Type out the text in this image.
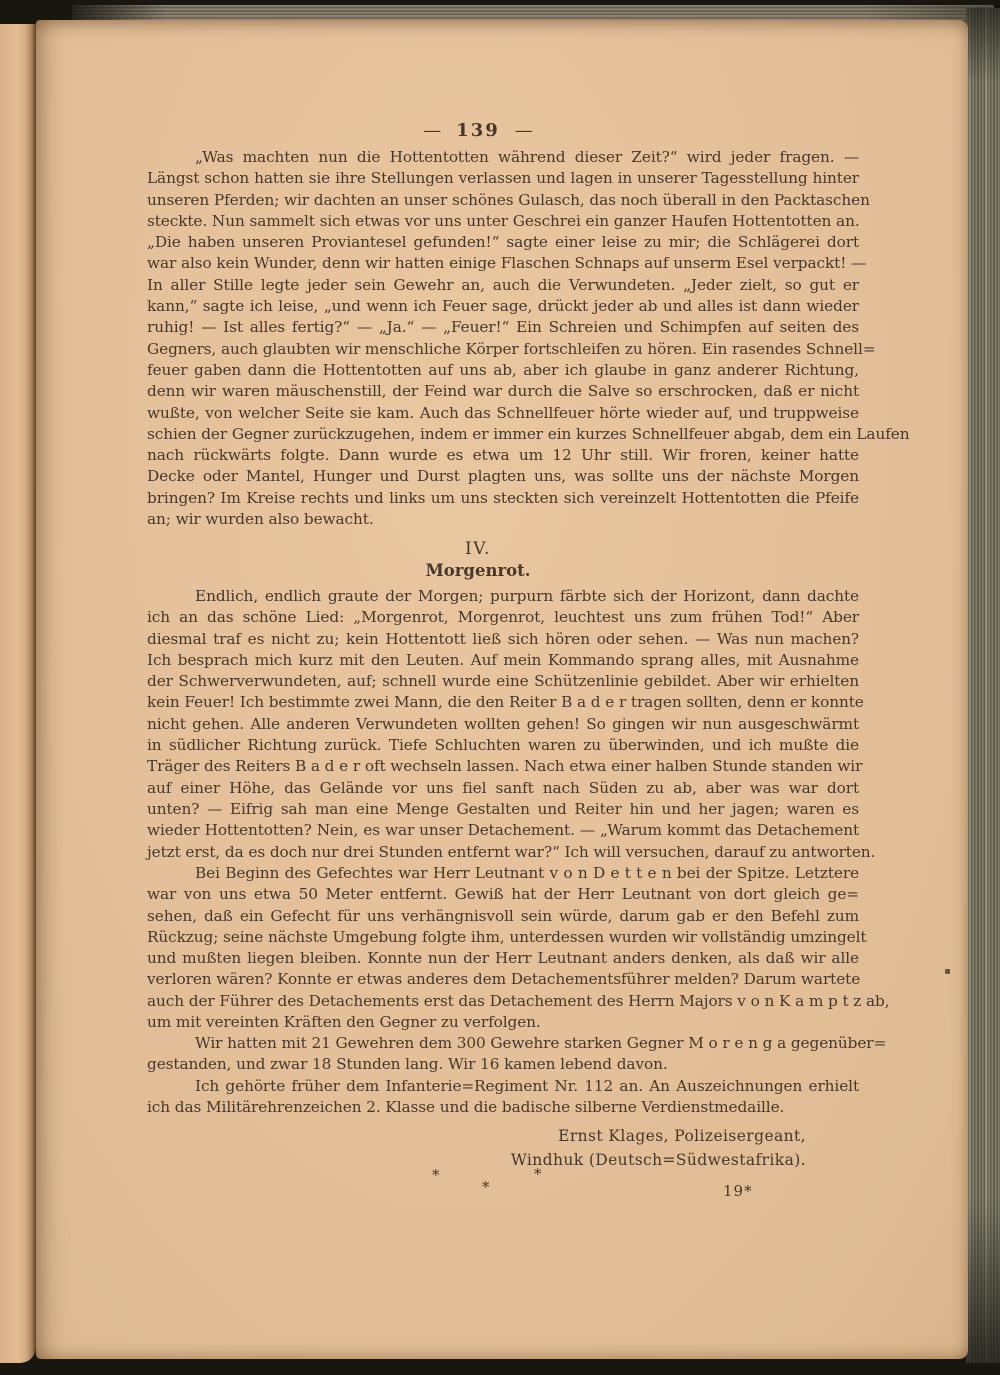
— 139 —
„Was machten nun die Hottentotten während dieser Zeit?“ wird jeder fragen. —
Längst schon hatten sie ihre Stellungen verlassen und lagen in unserer Tagesstellung hinter
unseren Pferden; wir dachten an unser schönes Gulasch, das noch überall in den Packtaschen
steckte. Nun sammelt sich etwas vor uns unter Geschrei ein ganzer Haufen Hottentotten an.
„Die haben unseren Proviantesel gefunden!“ sagte einer leise zu mir; die Schlägerei dort
war also kein Wunder, denn wir hatten einige Flaschen Schnaps auf unserm Esel verpackt! —
In aller Stille legte jeder sein Gewehr an, auch die Verwundeten. „Jeder zielt, so gut er
kann,“ sagte ich leise, „und wenn ich Feuer sage, drückt jeder ab und alles ist dann wieder
ruhig! — Ist alles fertig?“ — „Ja.“ — „Feuer!“ Ein Schreien und Schimpfen auf seiten des
Gegners, auch glaubten wir menschliche Körper fortschleifen zu hören. Ein rasendes Schnell=
feuer gaben dann die Hottentotten auf uns ab, aber ich glaube in ganz anderer Richtung,
denn wir waren mäuschenstill, der Feind war durch die Salve so erschrocken, daß er nicht
wußte, von welcher Seite sie kam. Auch das Schnellfeuer hörte wieder auf, und truppweise
schien der Gegner zurückzugehen, indem er immer ein kurzes Schnellfeuer abgab, dem ein Laufen
nach rückwärts folgte. Dann wurde es etwa um 12 Uhr still. Wir froren, keiner hatte
Decke oder Mantel, Hunger und Durst plagten uns, was sollte uns der nächste Morgen
bringen? Im Kreise rechts und links um uns steckten sich vereinzelt Hottentotten die Pfeife
an; wir wurden also bewacht.
IV.
Morgenrot.
Endlich, endlich graute der Morgen; purpurn färbte sich der Horizont, dann dachte
ich an das schöne Lied: „Morgenrot, Morgenrot, leuchtest uns zum frühen Tod!“ Aber
diesmal traf es nicht zu; kein Hottentott ließ sich hören oder sehen. — Was nun machen?
Ich besprach mich kurz mit den Leuten. Auf mein Kommando sprang alles, mit Ausnahme
der Schwerverwundeten, auf; schnell wurde eine Schützenlinie gebildet. Aber wir erhielten
kein Feuer! Ich bestimmte zwei Mann, die den Reiter B a d e r tragen sollten, denn er konnte
nicht gehen. Alle anderen Verwundeten wollten gehen! So gingen wir nun ausgeschwärmt
in südlicher Richtung zurück. Tiefe Schluchten waren zu überwinden, und ich mußte die
Träger des Reiters B a d e r oft wechseln lassen. Nach etwa einer halben Stunde standen wir
auf einer Höhe, das Gelände vor uns fiel sanft nach Süden zu ab, aber was war dort
unten? — Eifrig sah man eine Menge Gestalten und Reiter hin und her jagen; waren es
wieder Hottentotten? Nein, es war unser Detachement. — „Warum kommt das Detachement
jetzt erst, da es doch nur drei Stunden entfernt war?“ Ich will versuchen, darauf zu antworten.
Bei Beginn des Gefechtes war Herr Leutnant v o n D e t t e n bei der Spitze. Letztere
war von uns etwa 50 Meter entfernt. Gewiß hat der Herr Leutnant von dort gleich ge=
sehen, daß ein Gefecht für uns verhängnisvoll sein würde, darum gab er den Befehl zum
Rückzug; seine nächste Umgebung folgte ihm, unterdessen wurden wir vollständig umzingelt
und mußten liegen bleiben. Konnte nun der Herr Leutnant anders denken, als daß wir alle
verloren wären? Konnte er etwas anderes dem Detachementsführer melden? Darum wartete
auch der Führer des Detachements erst das Detachement des Herrn Majors v o n K a m p t z ab,
um mit vereinten Kräften den Gegner zu verfolgen.
Wir hatten mit 21 Gewehren dem 300 Gewehre starken Gegner M o r e n g a gegenüber=
gestanden, und zwar 18 Stunden lang. Wir 16 kamen lebend davon.
Ich gehörte früher dem Infanterie=Regiment Nr. 112 an. An Auszeichnungen erhielt
ich das Militärehrenzeichen 2. Klasse und die badische silberne Verdienstmedaille.
Ernst Klages, Polizeisergeant,
Windhuk (Deutsch=Südwestafrika).
*
*
*
19*
